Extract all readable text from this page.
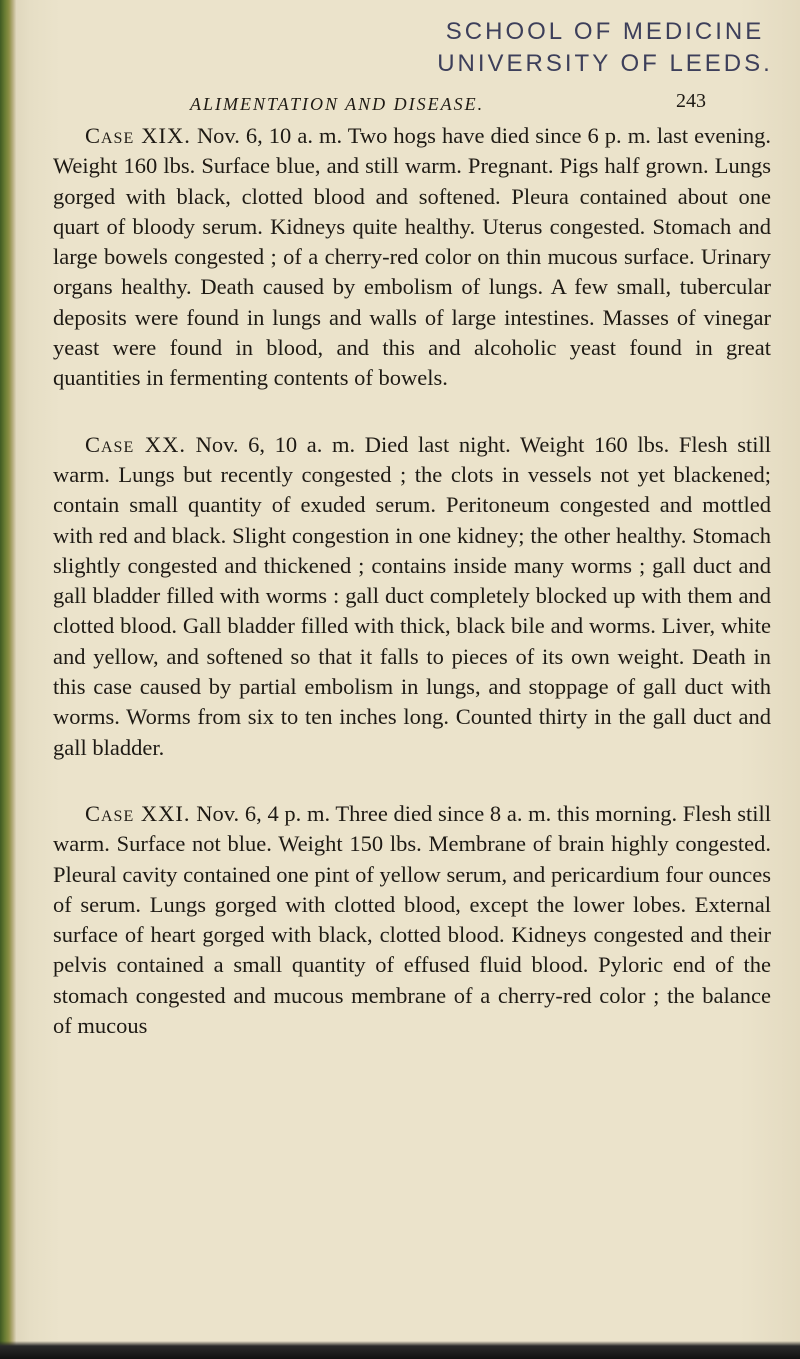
SCHOOL OF MEDICINE
UNIVERSITY OF LEEDS.
ALIMENTATION AND DISEASE.	243

Case XIX. Nov. 6, 10 a. m. Two hogs have died since 6 p. m. last evening. Weight 160 lbs. Surface blue, and still warm. Pregnant. Pigs half grown. Lungs gorged with black, clotted blood and softened. Pleura contained about one quart of bloody serum. Kidneys quite healthy. Uterus congested. Stomach and large bowels congested ; of a cherry-red color on thin mucous surface. Urinary organs healthy. Death caused by embolism of lungs. A few small, tubercular deposits were found in lungs and walls of large intestines. Masses of vinegar yeast were found in blood, and this and alcoholic yeast found in great quantities in fermenting contents of bowels.

Case XX. Nov. 6, 10 a. m. Died last night. Weight 160 lbs. Flesh still warm. Lungs but recently congested ; the clots in vessels not yet blackened; contain small quantity of exuded serum. Peritoneum congested and mottled with red and black. Slight congestion in one kidney; the other healthy. Stomach slightly congested and thickened ; contains inside many worms ; gall duct and gall bladder filled with worms : gall duct completely blocked up with them and clotted blood. Gall bladder filled with thick, black bile and worms. Liver, white and yellow, and softened so that it falls to pieces of its own weight. Death in this case caused by partial embolism in lungs, and stoppage of gall duct with worms. Worms from six to ten inches long. Counted thirty in the gall duct and gall bladder.

Case XXI. Nov. 6, 4 p. m. Three died since 8 a. m. this morning. Flesh still warm. Surface not blue. Weight 150 lbs. Membrane of brain highly congested. Pleural cavity contained one pint of yellow serum, and pericardium four ounces of serum. Lungs gorged with clotted blood, except the lower lobes. External surface of heart gorged with black, clotted blood. Kidneys congested and their pelvis contained a small quantity of effused fluid blood. Pyloric end of the stomach congested and mucous membrane of a cherry-red color ; the balance of mucous
